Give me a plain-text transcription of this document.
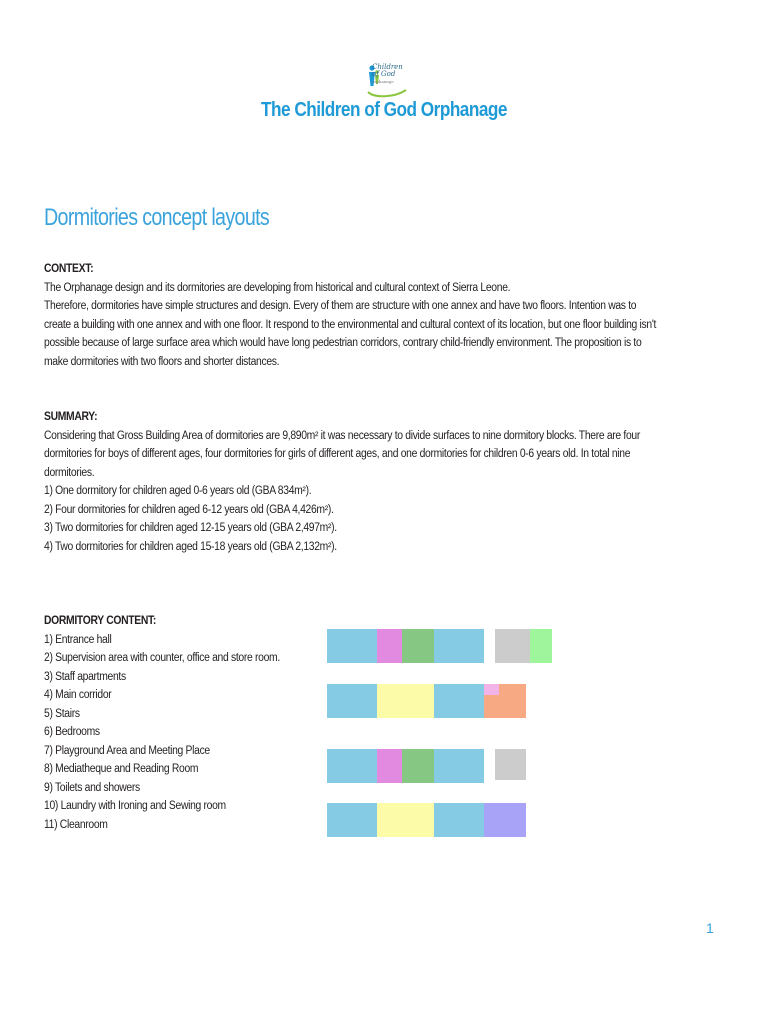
Children
of God
orphanage
The Children of God Orphanage
Dormitories concept layouts

CONTEXT:

The Orphanage design and its dormitories are developing from historical and cultural context of Sierra Leone.

Therefore, dormitories have simple structures and design. Every of them are structure with one annex and have two floors. Intention was to create a building with one annex and with one floor. It respond to the environmental and cultural context of its location, but one floor building isn't possible because of large surface area which would have long pedestrian corridors, contrary child-friendly environment. The proposition is to make dormitories with two floors and shorter distances.

SUMMARY:

Considering that Gross Building Area of dormitories are 9,890m² it was necessary to divide surfaces to nine dormitory blocks. There are four dormitories for boys of different ages, four dormitories for girls of different ages, and one dormitories for children 0-6 years old. In total nine dormitories.

1) One dormitory for children aged 0-6 years old (GBA 834m²).

2) Four dormitories for children aged 6-12 years old (GBA 4,426m²).

3) Two dormitories for children aged 12-15 years old (GBA 2,497m²).

4) Two dormitories for children aged 15-18 years old (GBA 2,132m²).

DORMITORY CONTENT:

1) Entrance hall

2) Supervision area with counter, office and store room.

3) Staff apartments

4) Main corridor

5) Stairs

6) Bedrooms

7) Playground Area and Meeting Place

8) Mediatheque and Reading Room

9) Toilets and showers

10) Laundry with Ironing and Sewing room

11) Cleanroom

1
